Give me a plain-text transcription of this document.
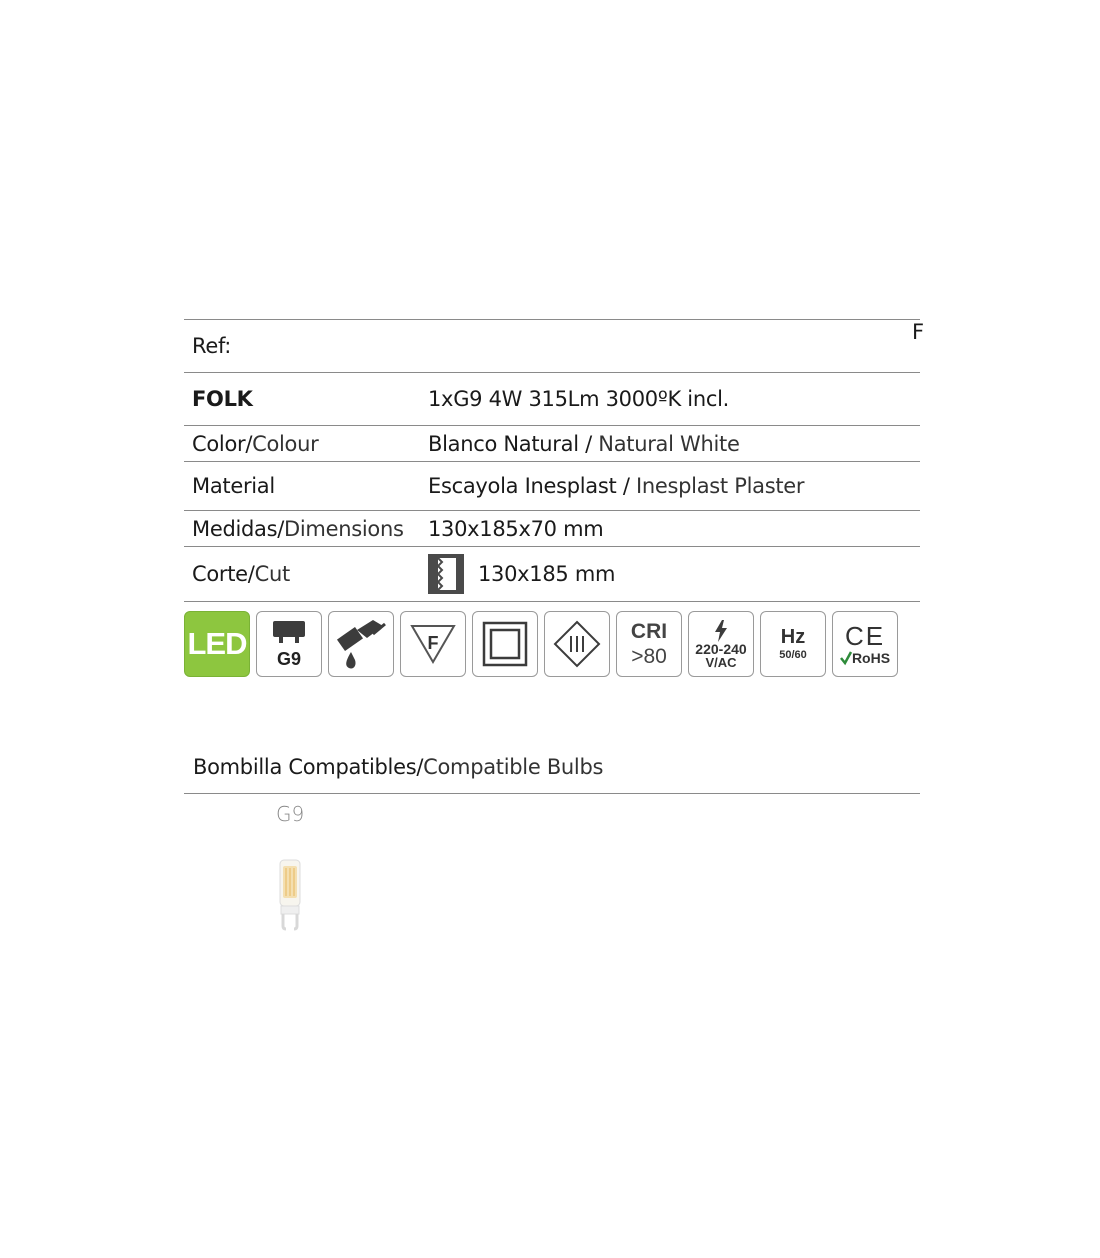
Ref:
F
FOLK	1xG9 4W 315Lm 3000ºK incl.
Color/Colour	Blanco Natural / Natural White
Material	Escayola Inesplast / Inesplast Plaster
Medidas/Dimensions 130x185x70 mm
Corte/Cut	130x185 mm
LED G9
F	CRI
>80 220-240
V/AC
Hz
50/60
CE
RoHS
Bombilla Compatibles/Compatible Bulbs
G9
